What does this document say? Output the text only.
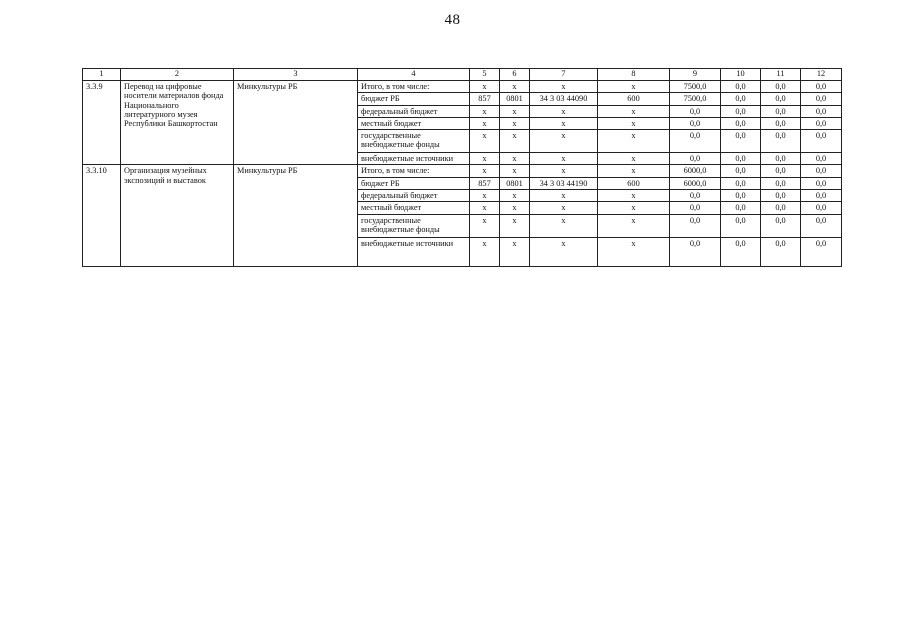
48
1	2	3	4	5	6	7	8	9	10	11	12
3.3.9	Перевод на цифровые носители материалов фонда Национального литературного музея Республики Башкортостан	Минкультуры РБ	Итого, в том числе:	х	х	х	х	7500,0	0,0	0,0	0,0
			бюджет РБ	857	0801	34 3 03 44090	600	7500,0	0,0	0,0	0,0
			федеральный бюджет	х	х	х	х	0,0	0,0	0,0	0,0
			местный бюджет	х	х	х	х	0,0	0,0	0,0	0,0
			государственные внебюджетные фонды	х	х	х	х	0,0	0,0	0,0	0,0
			внебюджетные источники	х	х	х	х	0,0	0,0	0,0	0,0
3.3.10	Организация музейных экспозиций и выставок	Минкультуры РБ	Итого, в том числе:	х	х	х	х	6000,0	0,0	0,0	0,0
			бюджет РБ	857	0801	34 3 03 44190	600	6000,0	0,0	0,0	0,0
			федеральный бюджет	х	х	х	х	0,0	0,0	0,0	0,0
			местный бюджет	х	х	х	х	0,0	0,0	0,0	0,0
			государственные внебюджетные фонды	х	х	х	х	0,0	0,0	0,0	0,0
			внебюджетные источники	х	х	х	х	0,0	0,0	0,0	0,0
